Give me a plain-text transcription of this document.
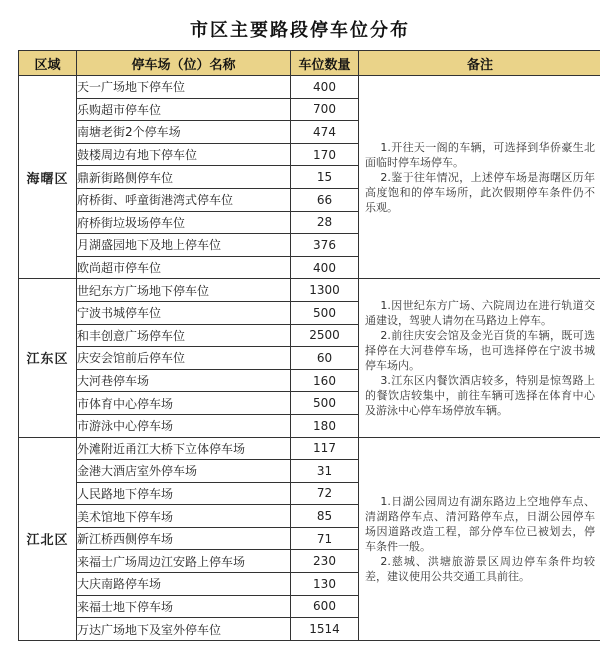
市区主要路段停车位分布
区域	停车场（位）名称	车位数量	备注
海曙区	天一广场地下停车位	400	1.开往天一阁的车辆，可选择到华侨豪生北面临时停车场停车。

2.鉴于往年情况，上述停车场是海曙区历年高度饱和的停车场所，此次假期停车条件仍不乐观。

	乐购超市停车位	700	
	南塘老街2个停车场	474	
	鼓楼周边有地下停车位	170	
	鼎新街路侧停车位	15	
	府桥街、呼童街港湾式停车位	66	
	府桥街垃圾场停车位	28	
	月湖盛园地下及地上停车位	376	
	欧尚超市停车位	400	
江东区	世纪东方广场地下停车位	1300	1.因世纪东方广场、六院周边在进行轨道交通建设，驾驶人请勿在马路边上停车。

2.前往庆安会馆及金光百货的车辆，既可选择停在大河巷停车场，也可选择停在宁波书城停车场内。

3.江东区内餐饮酒店较多，特别是惊驾路上的餐饮店较集中，前往车辆可选择在体育中心及游泳中心停车场停放车辆。

	宁波书城停车位	500	
	和丰创意广场停车位	2500	
	庆安会馆前后停车位	60	
	大河巷停车场	160	
	市体育中心停车场	500	
	市游泳中心停车场	180	
江北区	外滩附近甬江大桥下立体停车场	117	1.日湖公园周边有湖东路边上空地停车点、清湖路停车点、清河路停车点，日湖公园停车场因道路改造工程，部分停车位已被划去，停车条件一般。

2.慈城、洪塘旅游景区周边停车条件均较差，建议使用公共交通工具前往。

	金港大酒店室外停车场	31	
	人民路地下停车场	72	
	美术馆地下停车场	85	
	新江桥西侧停车场	71	
	来福士广场周边江安路上停车场	230	
	大庆南路停车场	130	
	来福士地下停车场	600	
	万达广场地下及室外停车位	1514	
